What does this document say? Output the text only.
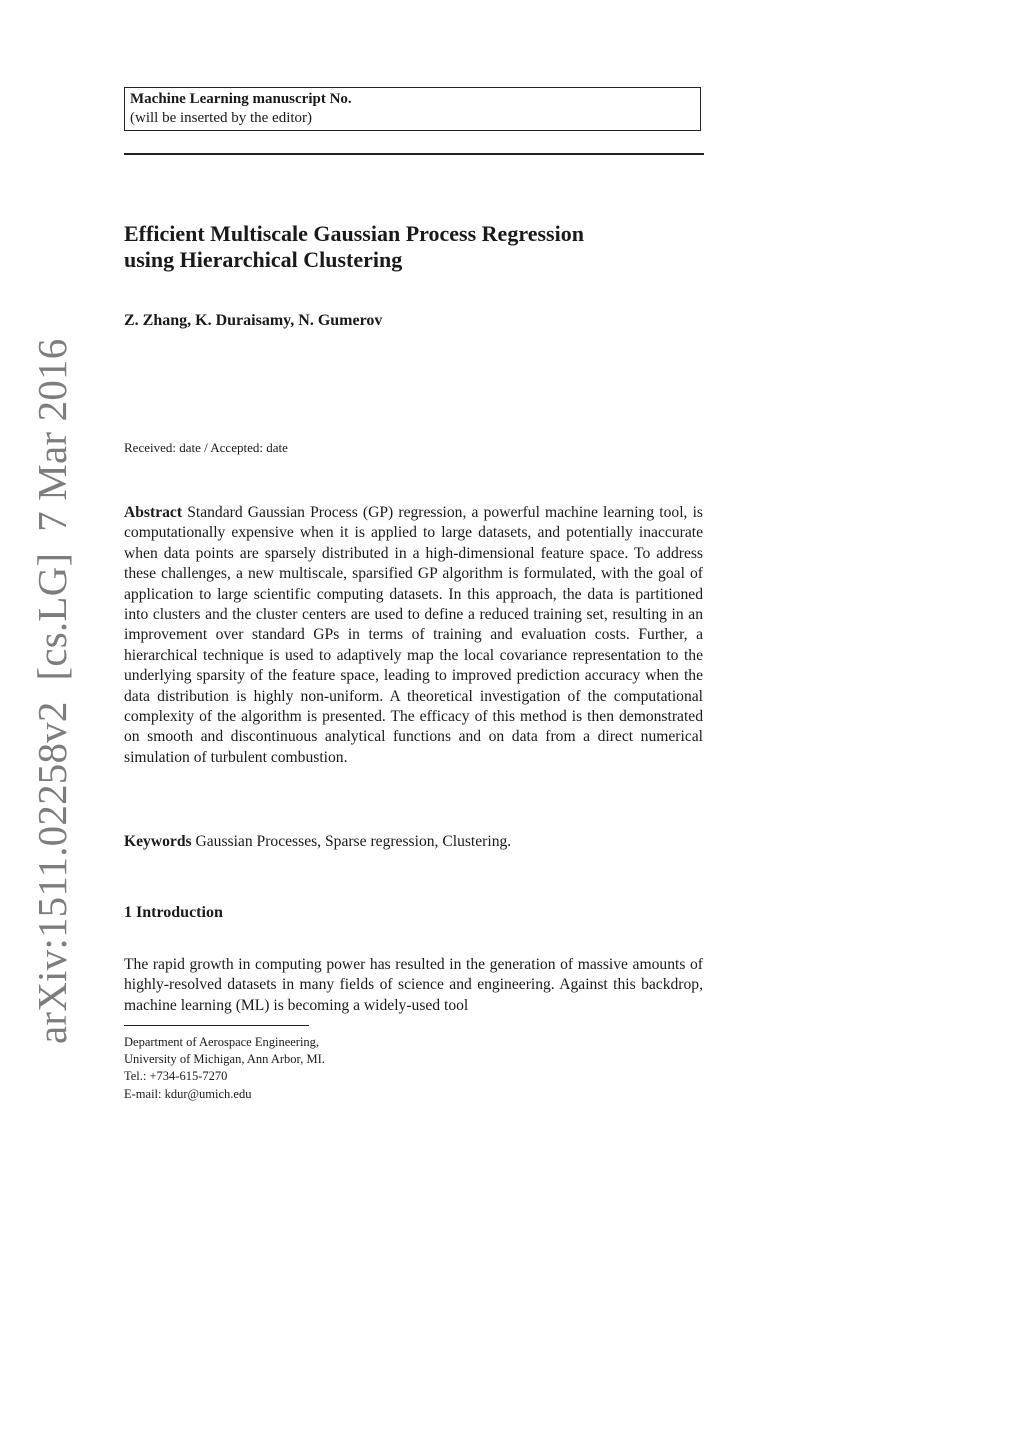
arXiv:1511.02258v2  [cs.LG]  7 Mar 2016
Machine Learning manuscript No.
(will be inserted by the editor)
Efficient Multiscale Gaussian Process Regression
using Hierarchical Clustering
Z. Zhang, K. Duraisamy, N. Gumerov
Received: date / Accepted: date
Abstract Standard Gaussian Process (GP) regression, a powerful machine learning tool, is computationally expensive when it is applied to large datasets, and potentially inaccurate when data points are sparsely distributed in a high-dimensional feature space. To address these challenges, a new multiscale, sparsified GP algorithm is formulated, with the goal of application to large scientific computing datasets. In this approach, the data is partitioned into clusters and the cluster centers are used to define a reduced training set, resulting in an improvement over standard GPs in terms of training and evaluation costs. Further, a hierarchical technique is used to adaptively map the local covariance representation to the underlying sparsity of the feature space, leading to improved prediction accuracy when the data distribution is highly non-uniform. A theoretical investigation of the computational complexity of the algorithm is presented. The efficacy of this method is then demonstrated on smooth and discontinuous analytical functions and on data from a direct numerical simulation of turbulent combustion.
Keywords Gaussian Processes, Sparse regression, Clustering.
1 Introduction
The rapid growth in computing power has resulted in the generation of massive amounts of highly-resolved datasets in many fields of science and engineering. Against this backdrop, machine learning (ML) is becoming a widely-used tool
Department of Aerospace Engineering,
University of Michigan, Ann Arbor, MI.
Tel.: +734-615-7270
E-mail: kdur@umich.edu
